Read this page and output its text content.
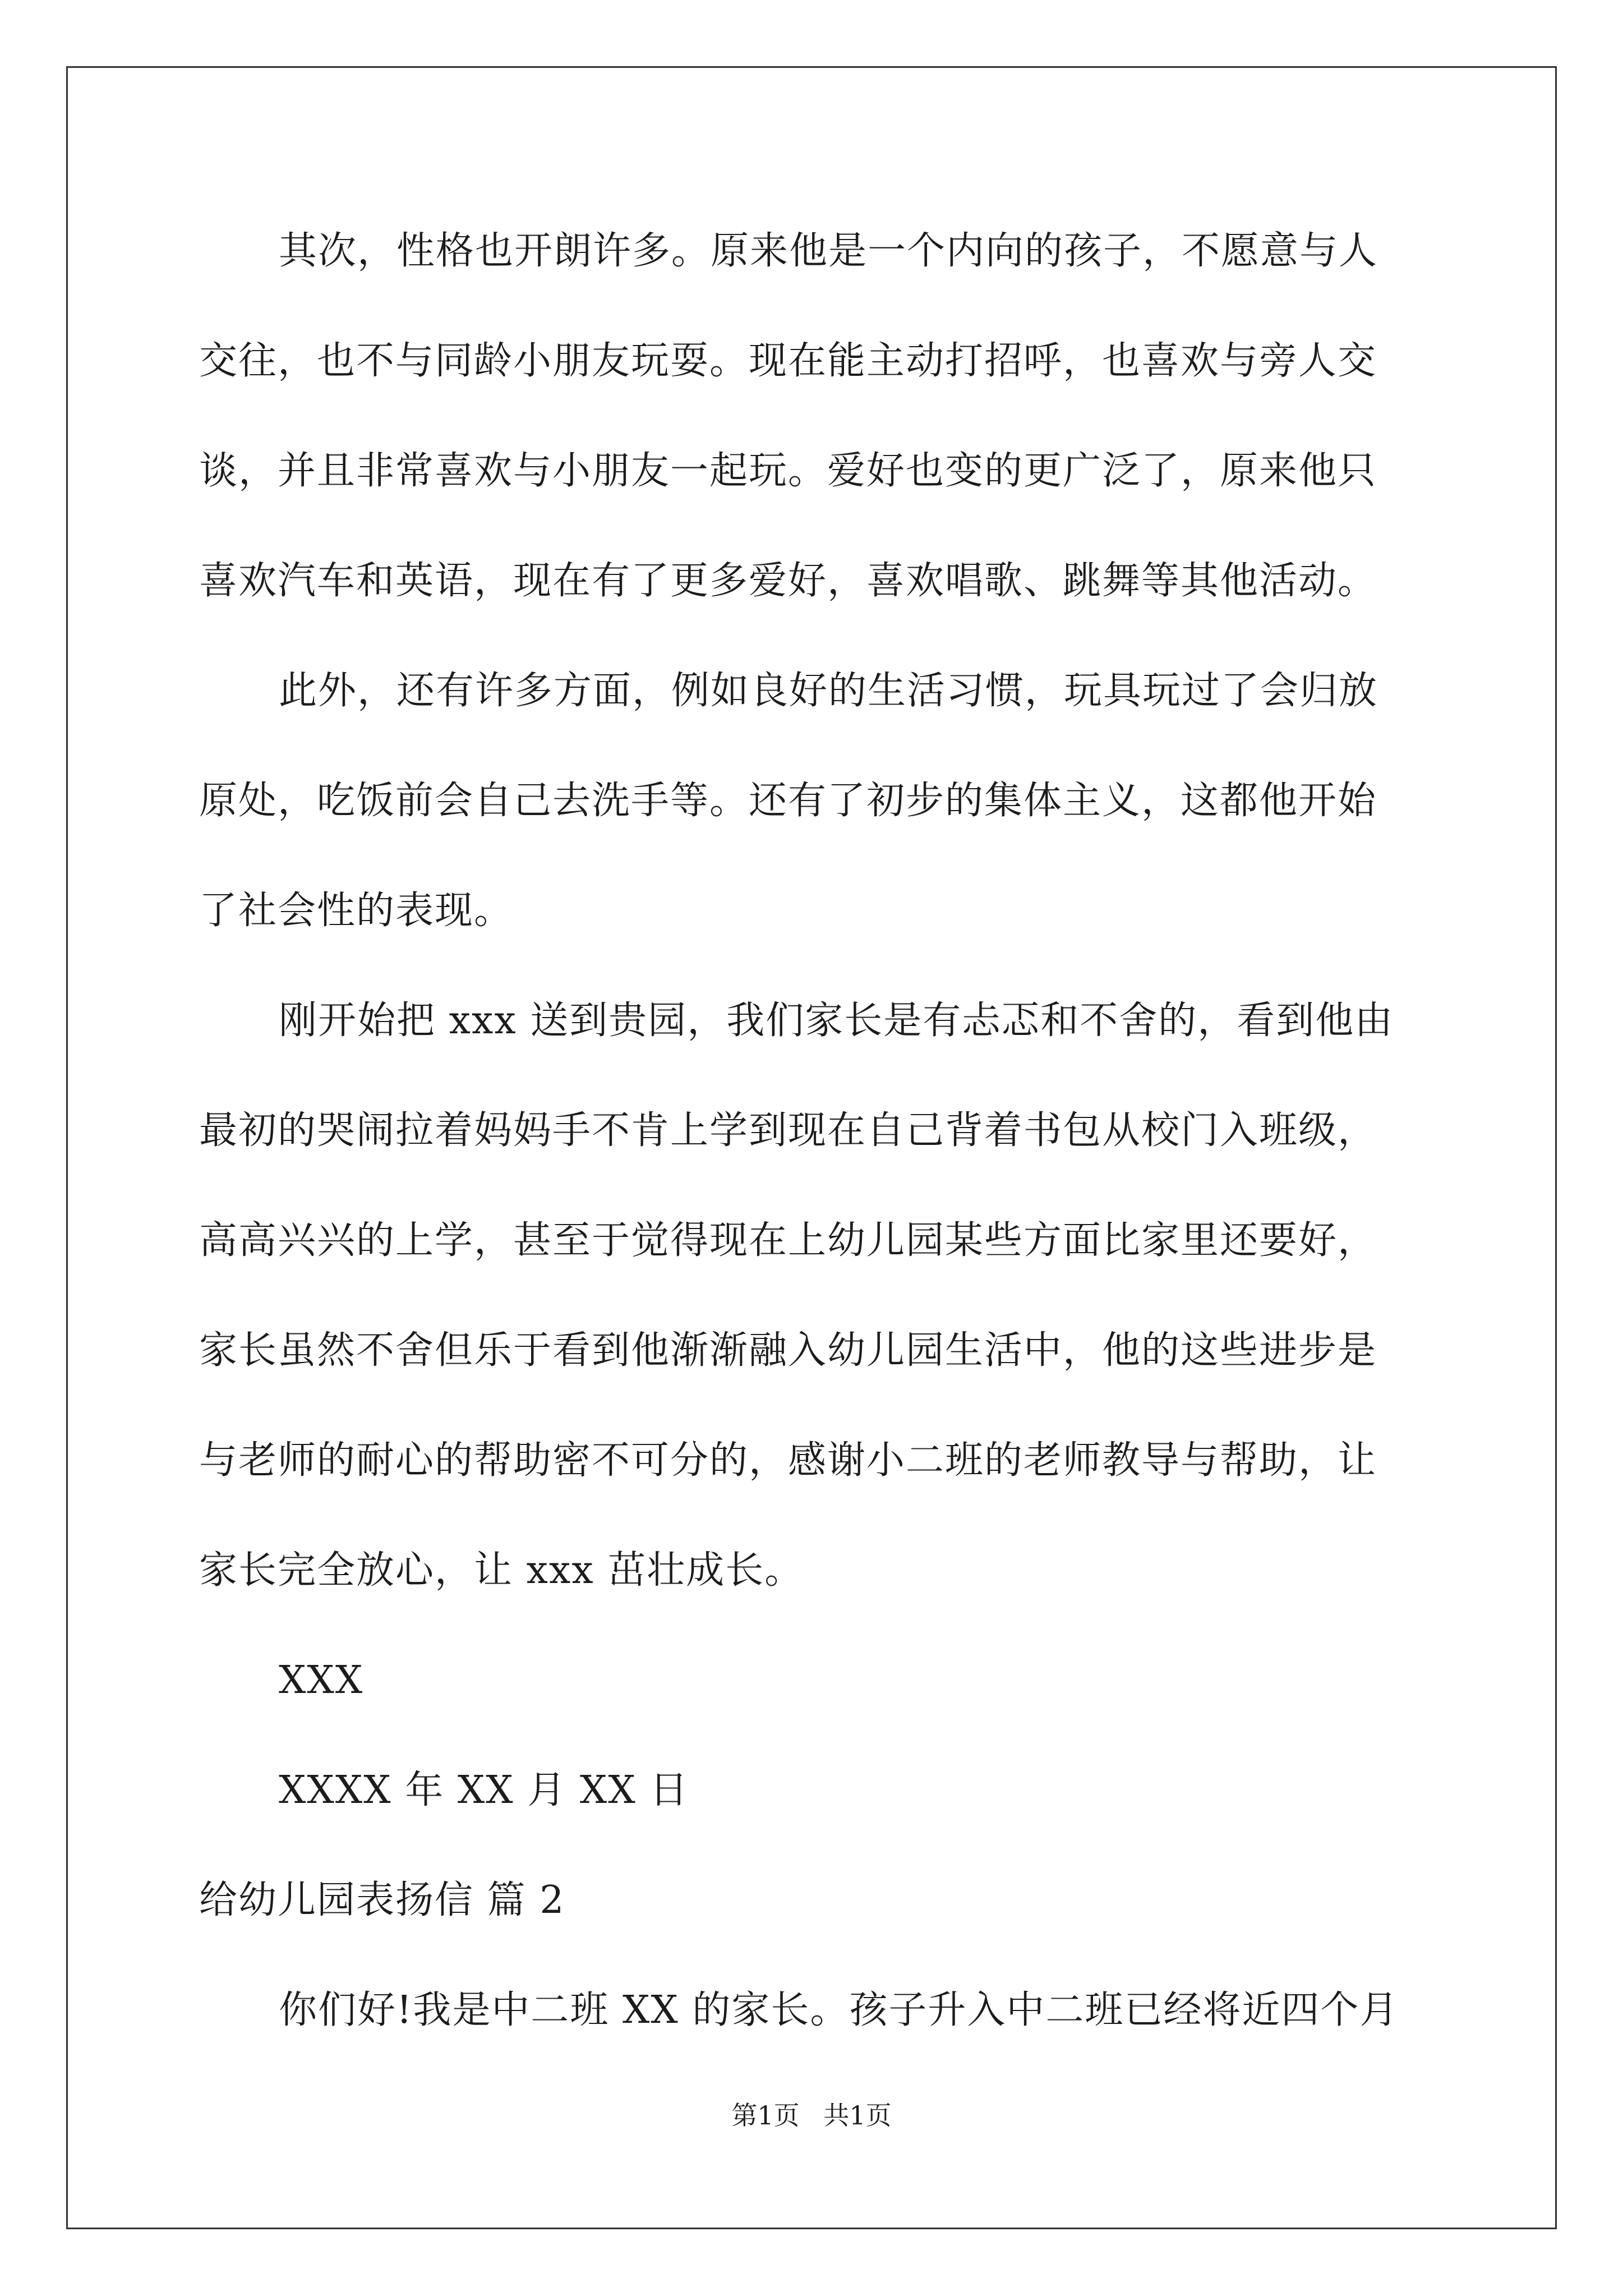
其次，性格也开朗许多。原来他是一个内向的孩子，不愿意与人
交往，也不与同龄小朋友玩耍。现在能主动打招呼，也喜欢与旁人交
谈，并且非常喜欢与小朋友一起玩。爱好也变的更广泛了，原来他只
喜欢汽车和英语，现在有了更多爱好，喜欢唱歌、跳舞等其他活动。
此外，还有许多方面，例如良好的生活习惯，玩具玩过了会归放
原处，吃饭前会自己去洗手等。还有了初步的集体主义，这都他开始
了社会性的表现。
刚开始把 xxx 送到贵园，我们家长是有忐忑和不舍的，看到他由
最初的哭闹拉着妈妈手不肯上学到现在自己背着书包从校门入班级，
高高兴兴的上学，甚至于觉得现在上幼儿园某些方面比家里还要好，
家长虽然不舍但乐于看到他渐渐融入幼儿园生活中，他的这些进步是
与老师的耐心的帮助密不可分的，感谢小二班的老师教导与帮助，让
家长完全放心，让 xxx 茁壮成长。
XXX
XXXX 年 XX 月 XX 日
给幼儿园表扬信 篇 2
你们好!我是中二班 XX 的家长。孩子升入中二班已经将近四个月
第1页 共1页
